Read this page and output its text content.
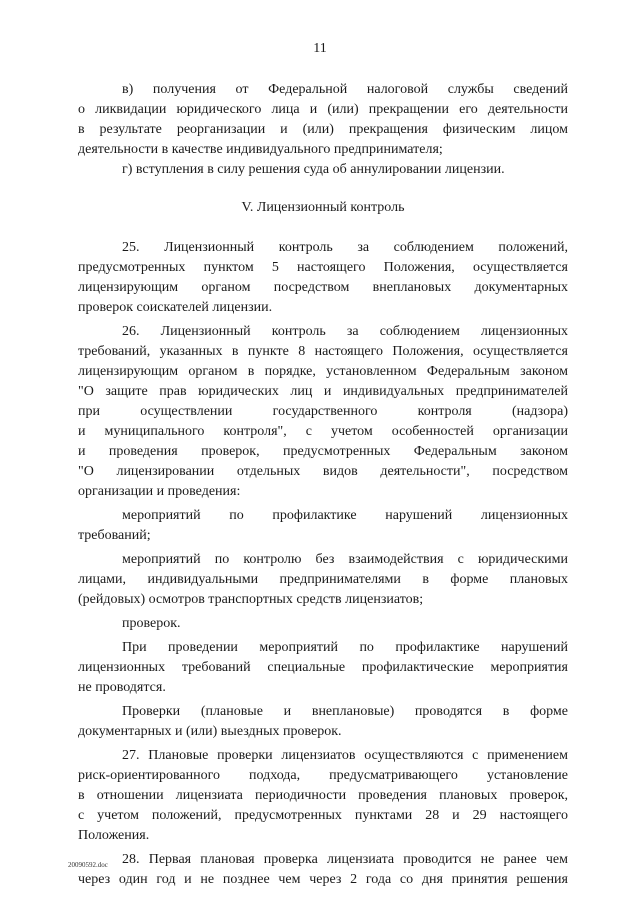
11
в) получения от Федеральной налоговой службы сведений
о ликвидации юридического лица и (или) прекращении его деятельности
в результате реорганизации и (или) прекращения физическим лицом
деятельности в качестве индивидуального предпринимателя;
г) вступления в силу решения суда об аннулировании лицензии.
V. Лицензионный контроль
25. Лицензионный контроль за соблюдением положений,
предусмотренных пунктом 5 настоящего Положения, осуществляется
лицензирующим органом посредством внеплановых документарных
проверок соискателей лицензии.
26. Лицензионный контроль за соблюдением лицензионных
требований, указанных в пункте 8 настоящего Положения, осуществляется
лицензирующим органом в порядке, установленном Федеральным законом
"О защите прав юридических лиц и индивидуальных предпринимателей
при осуществлении государственного контроля (надзора)
и муниципального контроля", с учетом особенностей организации
и проведения проверок, предусмотренных Федеральным законом
"О лицензировании отдельных видов деятельности", посредством
организации и проведения:
мероприятий по профилактике нарушений лицензионных
требований;
мероприятий по контролю без взаимодействия с юридическими
лицами, индивидуальными предпринимателями в форме плановых
(рейдовых) осмотров транспортных средств лицензиатов;
проверок.
При проведении мероприятий по профилактике нарушений
лицензионных требований специальные профилактические мероприятия
не проводятся.
Проверки (плановые и внеплановые) проводятся в форме
документарных и (или) выездных проверок.
27. Плановые проверки лицензиатов осуществляются с применением
риск-ориентированного подхода, предусматривающего установление
в отношении лицензиата периодичности проведения плановых проверок,
с учетом положений, предусмотренных пунктами 28 и 29 настоящего
Положения.
28. Первая плановая проверка лицензиата проводится не ранее чем
через один год и не позднее чем через 2 года со дня принятия решения
20090592.doc
